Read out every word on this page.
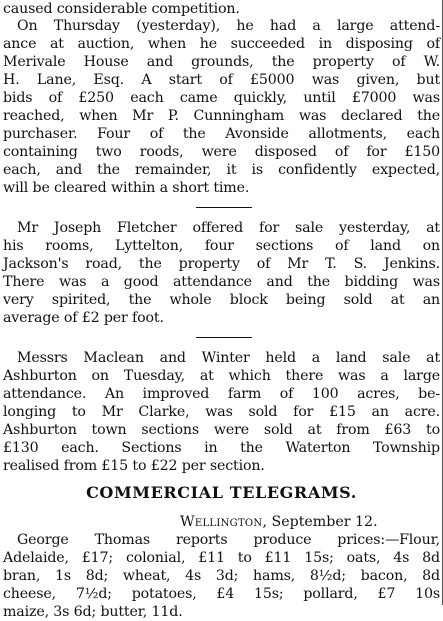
caused considerable competition.
On Thursday (yesterday), he had a large attend-
ance at auction, when he succeeded in disposing of
Merivale House and grounds, the property of W.
H. Lane, Esq. A start of £5000 was given, but
bids of £250 each came quickly, until £7000 was
reached, when Mr P. Cunningham was declared the
purchaser. Four of the Avonside allotments, each
containing two roods, were disposed of for £150
each, and the remainder, it is confidently expected,
will be cleared within a short time.
Mr Joseph Fletcher offered for sale yesterday, at
his rooms, Lyttelton, four sections of land on
Jackson's road, the property of Mr T. S. Jenkins.
There was a good attendance and the bidding was
very spirited, the whole block being sold at an
average of £2 per foot.
Messrs Maclean and Winter held a land sale at
Ashburton on Tuesday, at which there was a large
attendance. An improved farm of 100 acres, be-
longing to Mr Clarke, was sold for £15 an acre.
Ashburton town sections were sold at from £63 to
£130 each. Sections in the Waterton Township
realised from £15 to £22 per section.
COMMERCIAL TELEGRAMS.
Wellington, September 12.
George Thomas reports produce prices:—Flour,
Adelaide, £17; colonial, £11 to £11 15s; oats, 4s 8d
bran, 1s 8d; wheat, 4s 3d; hams, 8½d; bacon, 8d
cheese, 7½d; potatoes, £4 15s; pollard, £7 10s
maize, 3s 6d; butter, 11d.
